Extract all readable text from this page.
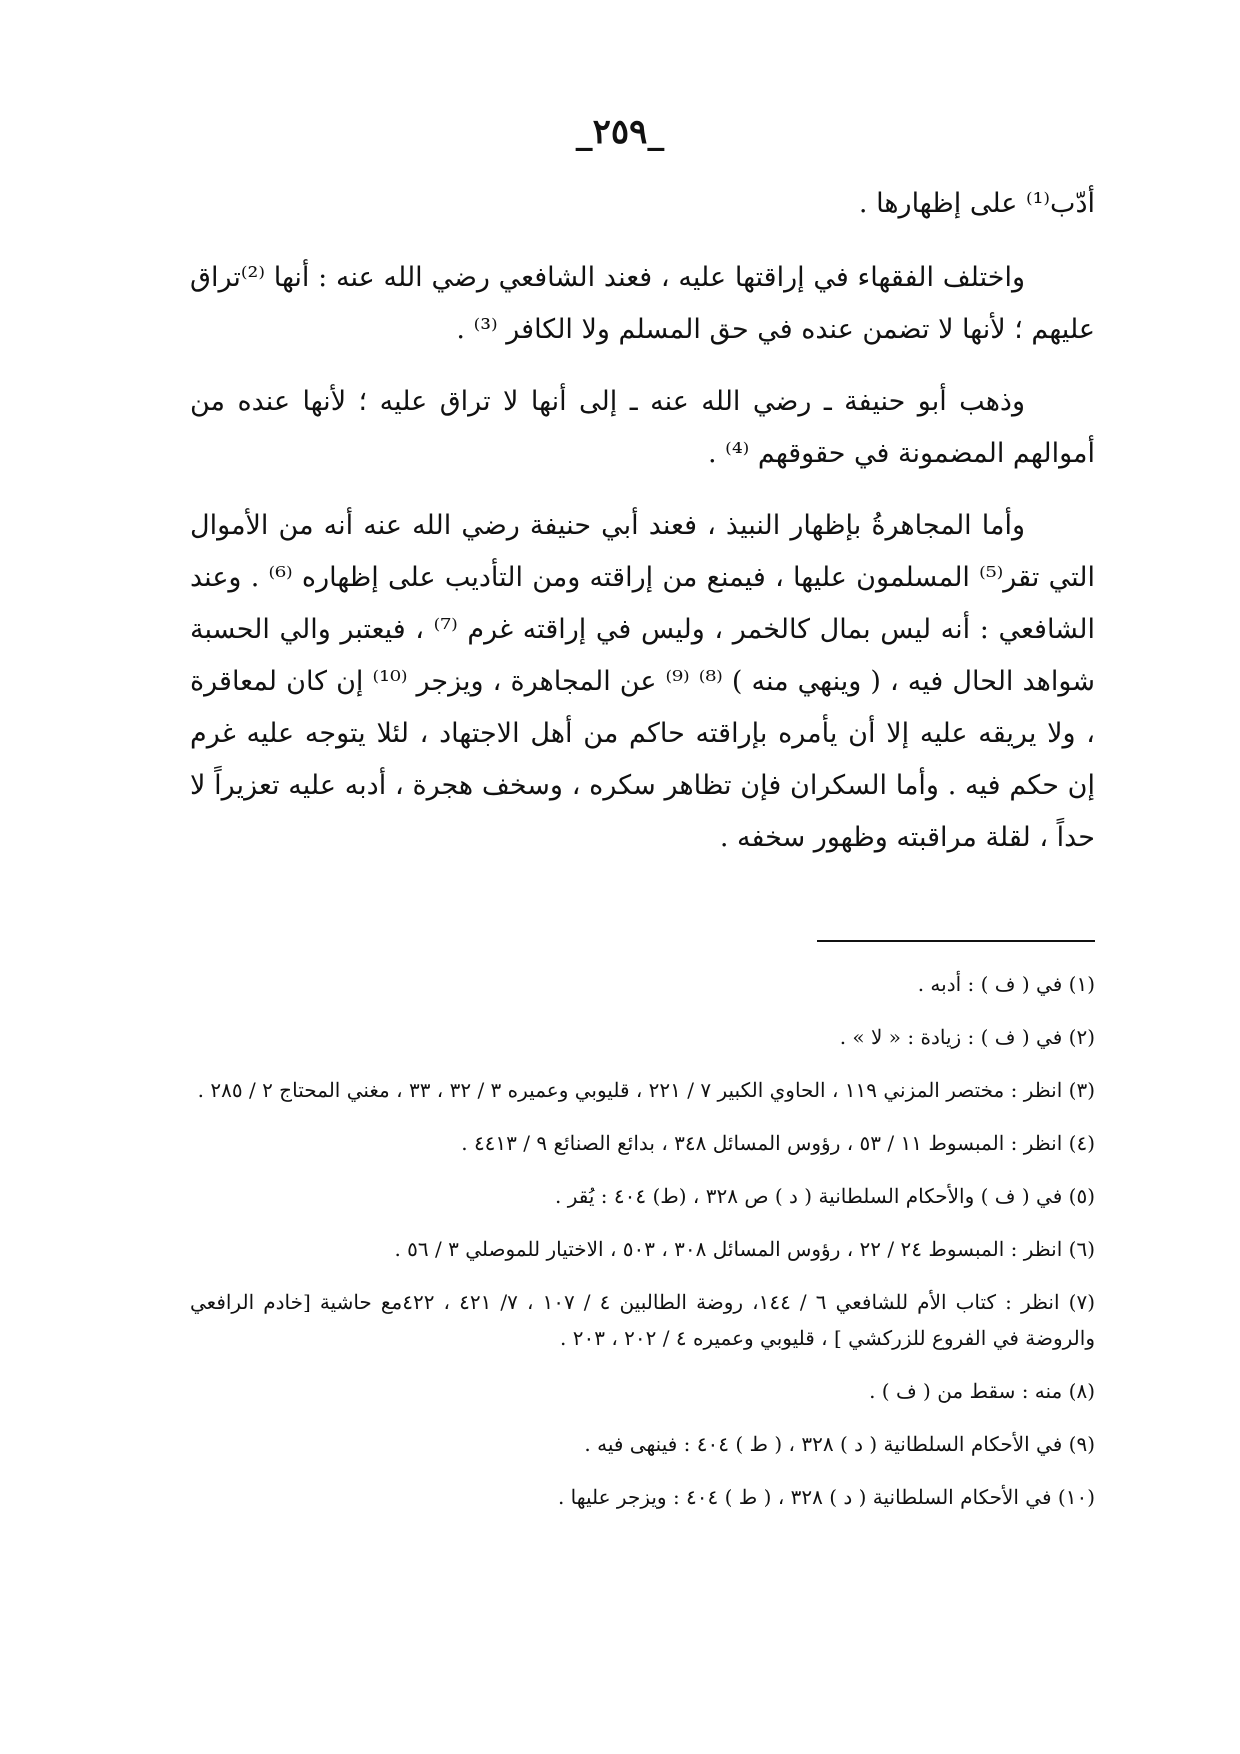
_٢٥٩_

أدّب⁽¹⁾ على إظهارها .

واختلف الفقهاء في إراقتها عليه ، فعند الشافعي رضي الله عنه : أنها ⁽²⁾تراق عليهم ؛ لأنها لا تضمن عنده في حق المسلم ولا الكافر ⁽³⁾ .

وذهب أبو حنيفة ـ رضي الله عنه ـ إلى أنها لا تراق عليه ؛ لأنها عنده من أموالهم المضمونة في حقوقهم ⁽⁴⁾ .

وأما المجاهرةُ بإظهار النبيذ ، فعند أبي حنيفة رضي الله عنه أنه من الأموال التي تقر⁽⁵⁾ المسلمون عليها ، فيمنع من إراقته ومن التأديب على إظهاره ⁽⁶⁾ . وعند الشافعي : أنه ليس بمال كالخمر ، وليس في إراقته غرم ⁽⁷⁾ ، فيعتبر والي الحسبة شواهد الحال فيه ، ( وينهي منه ) ⁽⁸⁾ ⁽⁹⁾ عن المجاهرة ، ويزجر ⁽¹⁰⁾ إن كان لمعاقرة ، ولا يريقه عليه إلا أن يأمره بإراقته حاكم من أهل الاجتهاد ، لئلا يتوجه عليه غرم إن حكم فيه . وأما السكران فإن تظاهر سكره ، وسخف هجرة ، أدبه عليه تعزيراً لا حداً ، لقلة مراقبته وظهور سخفه .

(١) في ( ف ) : أدبه .
(٢) في ( ف ) : زيادة : « لا » .
(٣) انظر : مختصر المزني ١١٩ ، الحاوي الكبير ٧ / ٢٢١ ، قليوبي وعميره ٣ / ٣٢ ، ٣٣ ، مغني المحتاج ٢ / ٢٨٥ .
(٤) انظر : المبسوط ١١ / ٥٣ ، رؤوس المسائل ٣٤٨ ، بدائع الصنائع ٩ / ٤٤١٣ .
(٥) في ( ف ) والأحكام السلطانية ( د ) ص ٣٢٨ ، (ط) ٤٠٤ : يُقر .
(٦) انظر : المبسوط ٢٤ / ٢٢ ، رؤوس المسائل ٣٠٨ ، ٥٠٣ ، الاختيار للموصلي ٣ / ٥٦ .
(٧) انظر : كتاب الأم للشافعي ٦ / ١٤٤، روضة الطالبين ٤ / ١٠٧ ، ٧/ ٤٢١ ، ٤٢٢مع حاشية [خادم الرافعي والروضة في الفروع للزركشي ] ، قليوبي وعميره ٤ / ٢٠٢ ، ٢٠٣ .
(٨) منه : سقط من ( ف ) .
(٩) في الأحكام السلطانية ( د ) ٣٢٨ ، ( ط ) ٤٠٤ : فينهى فيه .
(١٠) في الأحكام السلطانية ( د ) ٣٢٨ ، ( ط ) ٤٠٤ : ويزجر عليها .
